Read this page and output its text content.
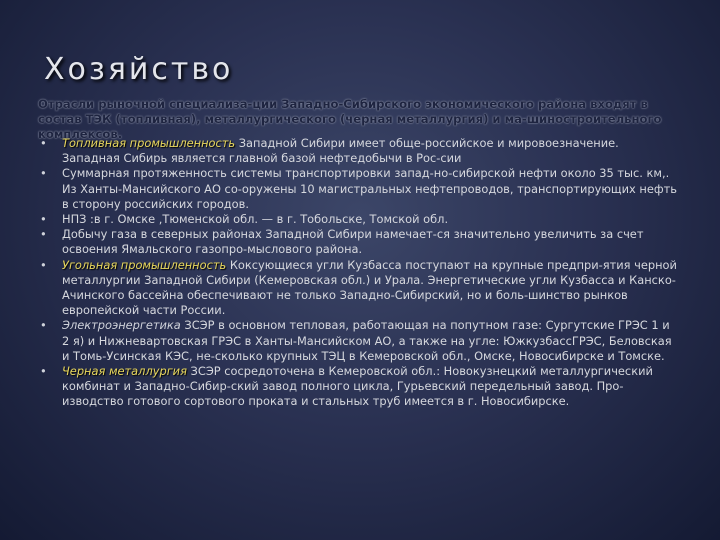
Хозяйство

Отрасли рыночной специализа-ции Западно-Сибирского экономического района входят в состав ТЭК (топливная), металлургического (черная металлургия) и ма-шиностроительного комплексов.

• Топливная промышленность Западной Сибири имеет обще-российское и мировоезначение. Западная Сибирь является главной базой нефтедобычи в Рос-сии
• Суммарная протяженность системы транспортировки запад-но-сибирской нефти около 35 тыс. км,. Из Ханты-Мансийского АО со-оружены 10 магистральных нефтепроводов, транспортирующих нефть в сторону российских городов.
• НПЗ :в г. Омске ,Тюменской обл. — в г. Тобольске, Томской обл.
• Добычу газа в северных районах Западной Сибири намечает-ся значительно увеличить за счет освоения Ямальского газопро-мыслового района.
• Угольная промышленность Коксующиеся угли Кузбасса поступают на крупные предпри-ятия черной металлургии Западной Сибири (Кемеровская обл.) и Урала. Энергетические угли Кузбасса и Канско-Ачинского бассейна обеспечивают не только Западно-Сибирский, но и боль-шинство рынков европейской части России.
• Электроэнергетика ЗСЭР в основном тепловая, работающая на попутном газе: Сургутские ГРЭС 1 и 2 я) и Нижневартовская ГРЭС в Ханты-Мансийском АО, а также на угле: ЮжкузбассГРЭС, Беловская и Томь-Усинская КЭС, не-сколько крупных ТЭЦ в Кемеровской обл., Омске, Новосибирске и Томске.
• Черная металлургия ЗСЭР сосредоточена в Кемеровской обл.: Новокузнецкий металлургический комбинат и Западно-Сибир-ский завод полного цикла, Гурьевский передельный завод. Про-изводство готового сортового проката и стальных труб имеется в г. Новосибирске.
